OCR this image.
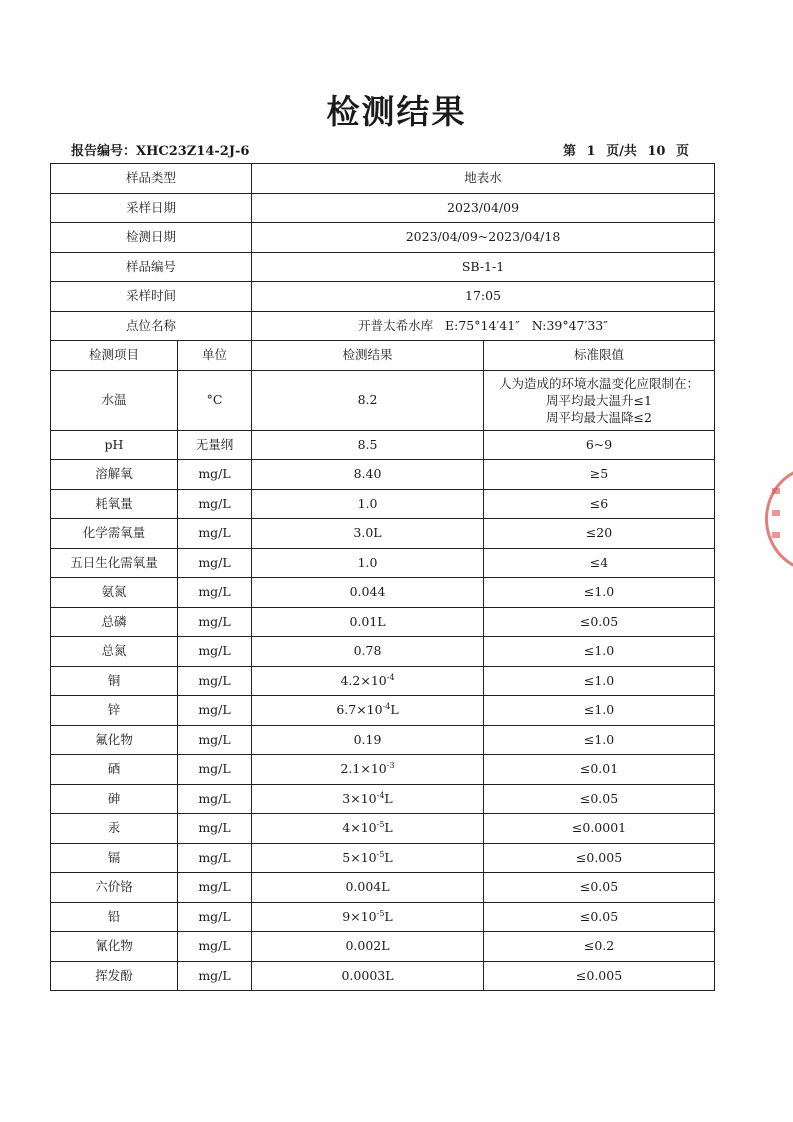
检测结果
报告编号：XHC23Z14-2J-6	第 1 页/共 10 页
样品类型		地表水	
采样日期		2023/04/09	
检测日期		2023/04/09~2023/04/18	
样品编号		SB-1-1	
采样时间		17:05	
点位名称		开普太希水库   E:75°14′41″   N:39°47′33″	
检测项目	单位	检测结果	标准限值
水温	°C	8.2	人为造成的环境水温变化应限制在：
周平均最大温升≤1
周平均最大温降≤2

pH	无量纲	8.5	6~9
溶解氧	mg/L	8.40	≥5
耗氧量	mg/L	1.0	≤6
化学需氧量	mg/L	3.0L	≤20
五日生化需氧量	mg/L	1.0	≤4
氨氮	mg/L	0.044	≤1.0
总磷	mg/L	0.01L	≤0.05
总氮	mg/L	0.78	≤1.0
铜	mg/L	$4.2\times 10^{-4}$	≤1.0
锌	mg/L	$6.7\times 10^{-4}L$	≤1.0
氟化物	mg/L	0.19	≤1.0
硒	mg/L	$2.1\times 10^{-3}$	≤0.01
砷	mg/L	$3\times 10^{-4}L$	≤0.05
汞	mg/L	$4\times 10^{-5}L$	≤0.0001
镉	mg/L	$5\times 10^{-5}L$	≤0.005
六价铬	mg/L	0.004L	≤0.05
铅	mg/L	$9\times 10^{-5}L$	≤0.05
氰化物	mg/L	0.002L	≤0.2
挥发酚	mg/L	0.0003L	≤0.005
